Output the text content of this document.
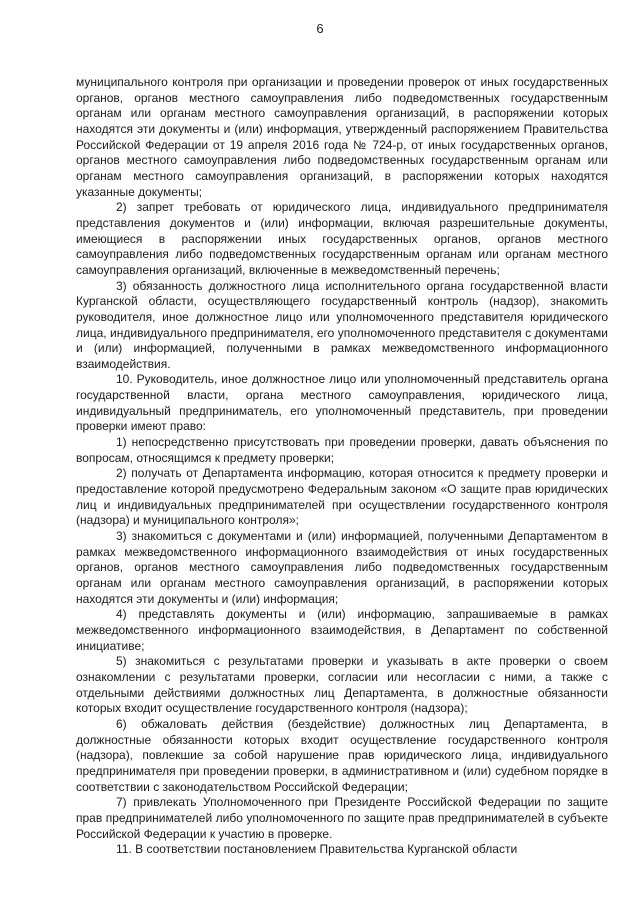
6

муниципального контроля при организации и проведении проверок от иных государственных органов, органов местного самоуправления либо подведомственных государственным органам или органам местного самоуправления организаций, в распоряжении которых находятся эти документы и (или) информация, утвержденный распоряжением Правительства Российской Федерации от 19 апреля 2016 года № 724-р, от иных государственных органов, органов местного самоуправления либо подведомственных государственным органам или органам местного самоуправления организаций, в распоряжении которых находятся указанные документы;

2) запрет требовать от юридического лица, индивидуального предпринимателя представления документов и (или) информации, включая разрешительные документы, имеющиеся в распоряжении иных государственных органов, органов местного самоуправления либо подведомственных государственным органам или органам местного самоуправления организаций, включенные в межведомственный перечень;

3) обязанность должностного лица исполнительного органа государственной власти Курганской области, осуществляющего государственный контроль (надзор), знакомить руководителя, иное должностное лицо или уполномоченного представителя юридического лица, индивидуального предпринимателя, его уполномоченного представителя с документами и (или) информацией, полученными в рамках межведомственного информационного взаимодействия.

10. Руководитель, иное должностное лицо или уполномоченный представитель органа государственной власти, органа местного самоуправления, юридического лица, индивидуальный предприниматель, его уполномоченный представитель, при проведении проверки имеют право:

1) непосредственно присутствовать при проведении проверки, давать объяснения по вопросам, относящимся к предмету проверки;

2) получать от Департамента информацию, которая относится к предмету проверки и предоставление которой предусмотрено Федеральным законом «О защите прав юридических лиц и индивидуальных предпринимателей при осуществлении государственного контроля (надзора) и муниципального контроля»;

3) знакомиться с документами и (или) информацией, полученными Департаментом в рамках межведомственного информационного взаимодействия от иных государственных органов, органов местного самоуправления либо подведомственных государственным органам или органам местного самоуправления организаций, в распоряжении которых находятся эти документы и (или) информация;

4) представлять документы и (или) информацию, запрашиваемые в рамках межведомственного информационного взаимодействия, в Департамент по собственной инициативе;

5) знакомиться с результатами проверки и указывать в акте проверки о своем ознакомлении с результатами проверки, согласии или несогласии с ними, а также с отдельными действиями должностных лиц Департамента, в должностные обязанности которых входит осуществление государственного контроля (надзора);

6) обжаловать действия (бездействие) должностных лиц Департамента, в должностные обязанности которых входит осуществление государственного контроля (надзора), повлекшие за собой нарушение прав юридического лица, индивидуального предпринимателя при проведении проверки, в административном и (или) судебном порядке в соответствии с законодательством Российской Федерации;

7) привлекать Уполномоченного при Президенте Российской Федерации по защите прав предпринимателей либо уполномоченного по защите прав предпринимателей в субъекте Российской Федерации к участию в проверке.

11. В соответствии постановлением Правительства Курганской области
